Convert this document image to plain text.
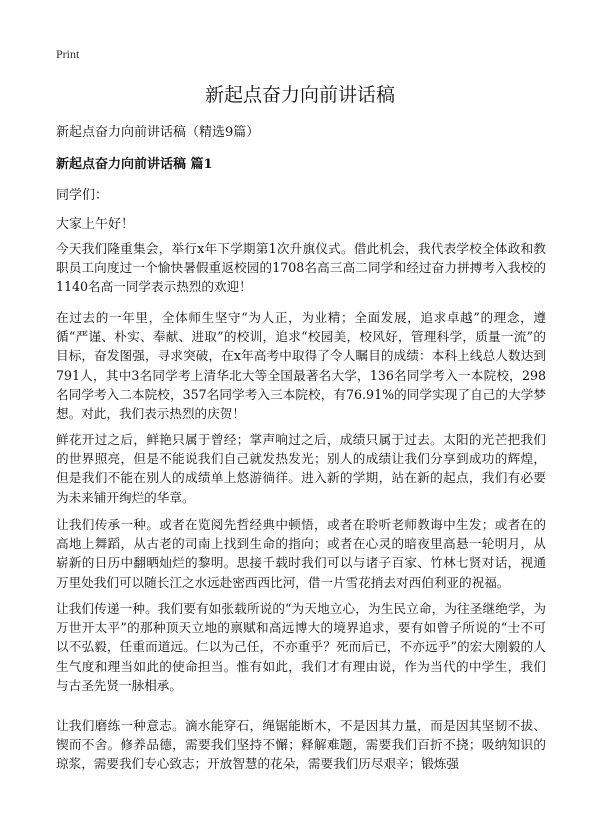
Print
新起点奋力向前讲话稿
新起点奋力向前讲话稿（精选9篇）
新起点奋力向前讲话稿 篇1
同学们：
大家上午好！

今天我们隆重集会，举行x年下学期第1次升旗仪式。借此机会，我代表学校全体政和教职员工向度过一个愉快暑假重返校园的1708名高三高二同学和经过奋力拼搏考入我校的1140名高一同学表示热烈的欢迎！

在过去的一年里，全体师生坚守“为人正，为业精；全面发展，追求卓越”的理念，遵循“严谨、朴实、奉献、进取”的校训，追求“校园美，校风好，管理科学，质量一流”的目标，奋发图强，寻求突破，在x年高考中取得了令人瞩目的成绩：本科上线总人数达到791人，其中3名同学考上清华北大等全国最著名大学，136名同学考入一本院校，298名同学考入二本院校，357名同学考入三本院校，有76.91%的同学实现了自己的大学梦想。对此，我们表示热烈的庆贺！

鲜花开过之后，鲜艳只属于曾经；掌声响过之后，成绩只属于过去。太阳的光芒把我们的世界照亮，但是不能说我们自己就发热发光；别人的成绩让我们分享到成功的辉煌，但是我们不能在别人的成绩单上悠游徜徉。进入新的学期，站在新的起点，我们有必要为未来铺开绚烂的华章。

让我们传承一种。或者在览阅先哲经典中顿悟，或者在聆听老师教诲中生发；或者在的高地上舞蹈，从古老的司南上找到生命的指向；或者在心灵的暗夜里高悬一轮明月，从崭新的日历中翻晒灿烂的黎明。思接千载时我们可以与诸子百家、竹林七贤对话，视通万里处我们可以随长江之水远赴密西西比河，借一片雪花捎去对西伯利亚的祝福。

让我们传递一种。我们要有如张载所说的“为天地立心，为生民立命，为往圣继绝学，为万世开太平”的那种顶天立地的禀赋和高远博大的境界追求，要有如曾子所说的“士不可以不弘毅，任重而道远。仁以为己任，不亦重乎？死而后已，不亦远乎”的宏大刚毅的人生气度和理当如此的使命担当。惟有如此，我们才有理由说，作为当代的中学生，我们与古圣先贤一脉相承。

让我们磨练一种意志。滴水能穿石，绳锯能断木，不是因其力量，而是因其坚韧不拔、锲而不舍。修养品德，需要我们坚持不懈；释解难题，需要我们百折不挠；吸纳知识的琼浆，需要我们专心致志；开放智慧的花朵，需要我们历尽艰辛；锻炼强
